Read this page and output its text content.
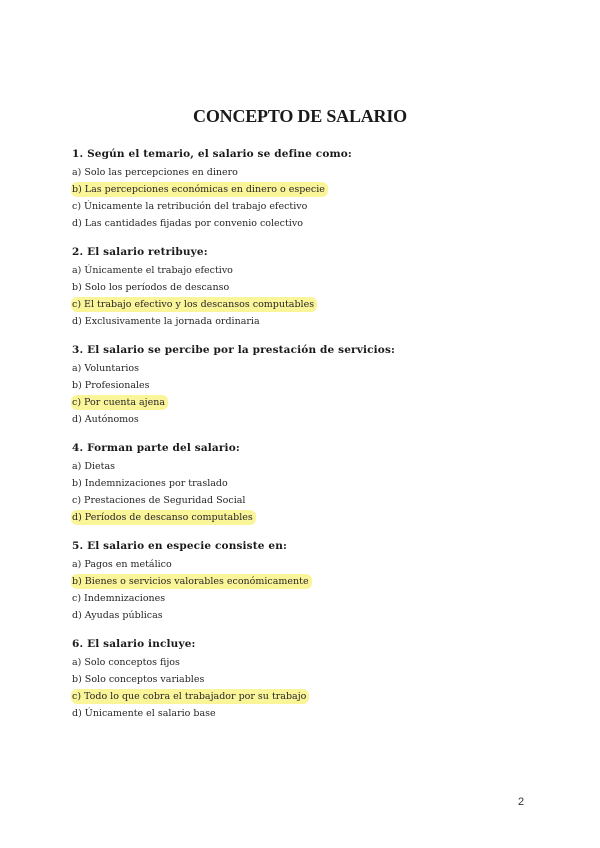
CONCEPTO DE SALARIO
1. Según el temario, el salario se define como:
a) Solo las percepciones en dinero
b) Las percepciones económicas en dinero o especie
c) Únicamente la retribución del trabajo efectivo
d) Las cantidades fijadas por convenio colectivo
2. El salario retribuye:
a) Únicamente el trabajo efectivo
b) Solo los períodos de descanso
c) El trabajo efectivo y los descansos computables
d) Exclusivamente la jornada ordinaria
3. El salario se percibe por la prestación de servicios:
a) Voluntarios
b) Profesionales
c) Por cuenta ajena
d) Autónomos
4. Forman parte del salario:
a) Dietas
b) Indemnizaciones por traslado
c) Prestaciones de Seguridad Social
d) Períodos de descanso computables
5. El salario en especie consiste en:
a) Pagos en metálico
b) Bienes o servicios valorables económicamente
c) Indemnizaciones
d) Ayudas públicas
6. El salario incluye:
a) Solo conceptos fijos
b) Solo conceptos variables
c) Todo lo que cobra el trabajador por su trabajo
d) Únicamente el salario base
2
